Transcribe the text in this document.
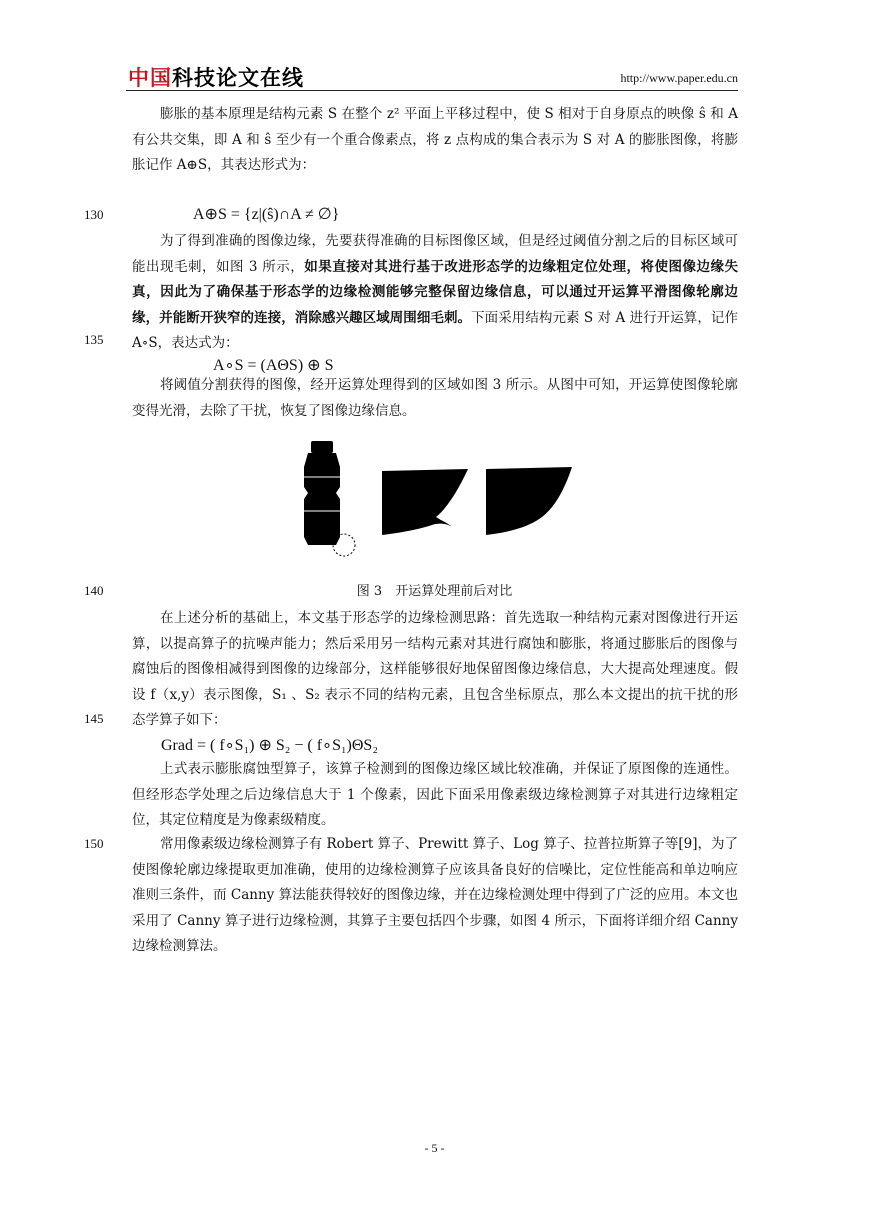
中国科技论文在线	http://www.paper.edu.cn
130
135
140
145
150
膨胀的基本原理是结构元素 S 在整个 z² 平面上平移过程中，使 S 相对于自身原点的映像 ŝ 和 A 有公共交集，即 A 和 ŝ 至少有一个重合像素点，将 z 点构成的集合表示为 S 对 A 的膨胀图像，将膨胀记作 A⊕S，其表达形式为：
A⊕S = {z|(ŝ)∩A ≠ ∅}
为了得到准确的图像边缘，先要获得准确的目标图像区域，但是经过阈值分割之后的目标区域可能出现毛刺，如图 3 所示，如果直接对其进行基于改进形态学的边缘粗定位处理，将使图像边缘失真，因此为了确保基于形态学的边缘检测能够完整保留边缘信息，可以通过开运算平滑图像轮廓边缘，并能断开狭窄的连接，消除感兴趣区域周围细毛刺。下面采用结构元素 S 对 A 进行开运算，记作 A∘S，表达式为：
A∘S = (AΘS) ⊕ S
将阈值分割获得的图像，经开运算处理得到的区域如图 3 所示。从图中可知，开运算使图像轮廓变得光滑，去除了干扰，恢复了图像边缘信息。
图 3　开运算处理前后对比
在上述分析的基础上，本文基于形态学的边缘检测思路：首先选取一种结构元素对图像进行开运算，以提高算子的抗噪声能力；然后采用另一结构元素对其进行腐蚀和膨胀，将通过膨胀后的图像与腐蚀后的图像相减得到图像的边缘部分，这样能够很好地保留图像边缘信息，大大提高处理速度。假设 f（x,y）表示图像，S₁ 、S₂ 表示不同的结构元素，且包含坐标原点，那么本文提出的抗干扰的形态学算子如下：
Grad = ( f∘S₁) ⊕ S₂ − ( f∘S₁)ΘS₂
上式表示膨胀腐蚀型算子，该算子检测到的图像边缘区域比较准确，并保证了原图像的连通性。但经形态学处理之后边缘信息大于 1 个像素，因此下面采用像素级边缘检测算子对其进行边缘粗定位，其定位精度是为像素级精度。
常用像素级边缘检测算子有 Robert 算子、Prewitt 算子、Log 算子、拉普拉斯算子等[9]，为了使图像轮廓边缘提取更加准确，使用的边缘检测算子应该具备良好的信噪比，定位性能高和单边响应准则三条件，而 Canny 算法能获得较好的图像边缘，并在边缘检测处理中得到了广泛的应用。本文也采用了 Canny 算子进行边缘检测，其算子主要包括四个步骤，如图 4 所示，下面将详细介绍 Canny 边缘检测算法。
- 5 -
